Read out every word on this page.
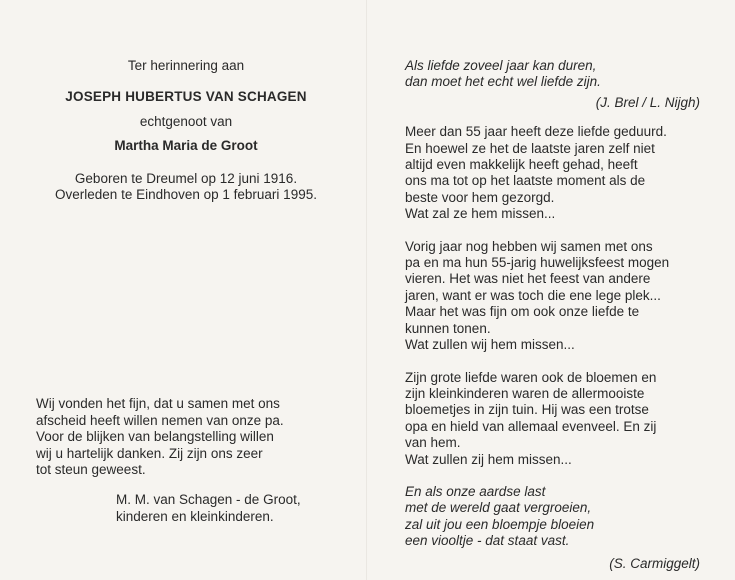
Ter herinnering aan

JOSEPH HUBERTUS VAN SCHAGEN

echtgenoot van

Martha Maria de Groot

Geboren te Dreumel op 12 juni 1916.

Overleden te Eindhoven op 1 februari 1995.

Wij vonden het fijn, dat u samen met ons
afscheid heeft willen nemen van onze pa.
Voor de blijken van belangstelling willen
wij u hartelijk danken. Zij zijn ons zeer
tot steun geweest.
M. M. van Schagen - de Groot,
kinderen en kleinkinderen.
Als liefde zoveel jaar kan duren,
dan moet het echt wel liefde zijn.

(J. Brel / L. Nijgh)

Meer dan 55 jaar heeft deze liefde geduurd.
En hoewel ze het de laatste jaren zelf niet
altijd even makkelijk heeft gehad, heeft
ons ma tot op het laatste moment als de
beste voor hem gezorgd.
Wat zal ze hem missen...
Vorig jaar nog hebben wij samen met ons
pa en ma hun 55-jarig huwelijksfeest mogen
vieren. Het was niet het feest van andere
jaren, want er was toch die ene lege plek...
Maar het was fijn om ook onze liefde te
kunnen tonen.
Wat zullen wij hem missen...
Zijn grote liefde waren ook de bloemen en
zijn kleinkinderen waren de allermooiste
bloemetjes in zijn tuin. Hij was een trotse
opa en hield van allemaal evenveel. En zij
van hem.
Wat zullen zij hem missen...
En als onze aardse last
met de wereld gaat vergroeien,
zal uit jou een bloempje bloeien
een viooltje - dat staat vast.

(S. Carmiggelt)
